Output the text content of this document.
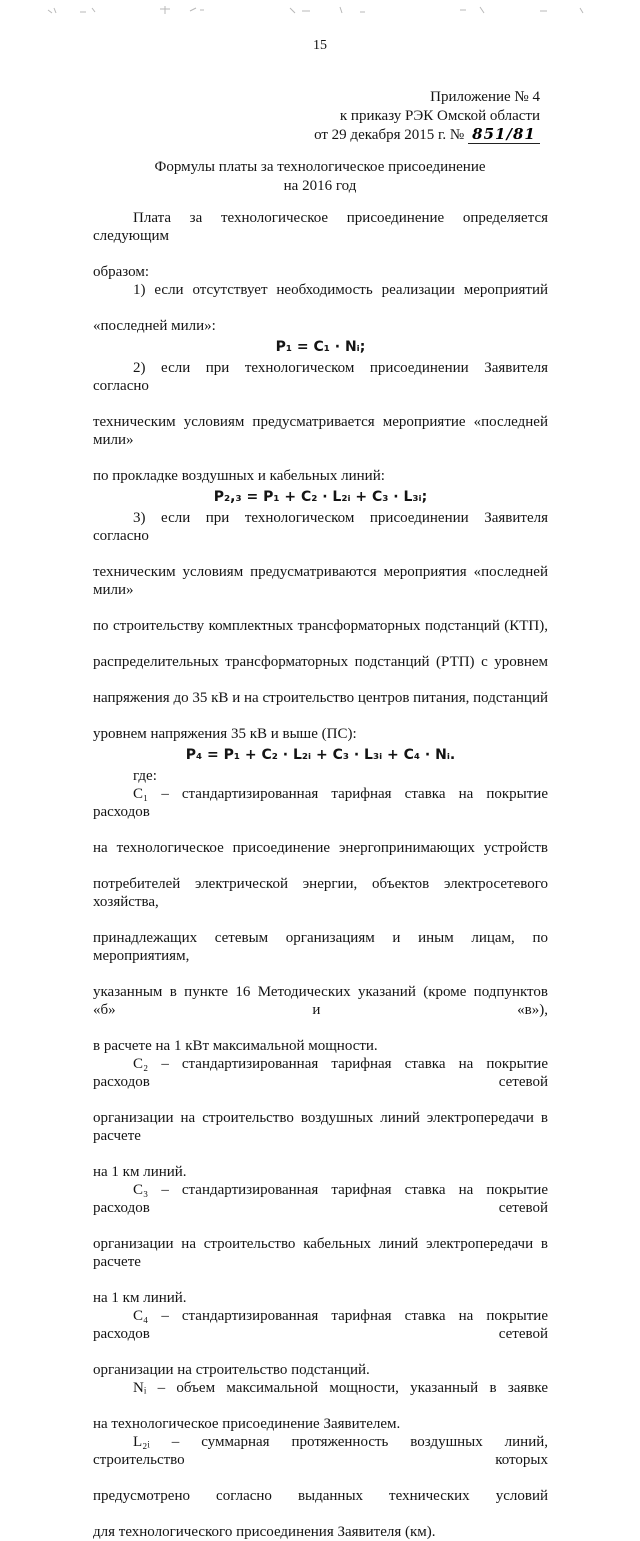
15
Приложение № 4
к приказу РЭК Омской области
от 29 декабря 2015 г. № 851/81
Формулы платы за технологическое присоединение
на 2016 год
Плата за технологическое присоединение определяется следующим
образом:
1) если отсутствует необходимость реализации мероприятий
«последней мили»:
P₁ = C₁ · Nᵢ;
2) если при технологическом присоединении Заявителя согласно
техническим условиям предусматривается мероприятие «последней мили»
по прокладке воздушных и кабельных линий:
P₂,₃ = P₁ + C₂ · L₂ᵢ + C₃ · L₃ᵢ;
3) если при технологическом присоединении Заявителя согласно
техническим условиям предусматриваются мероприятия «последней мили»
по строительству комплектных трансформаторных подстанций (КТП),
распределительных трансформаторных подстанций (РТП) с уровнем
напряжения до 35 кВ и на строительство центров питания, подстанций
уровнем напряжения 35 кВ и выше (ПС):
P₄ = P₁ + C₂ · L₂ᵢ + C₃ · L₃ᵢ + C₄ · Nᵢ.
где:
C₁ – стандартизированная тарифная ставка на покрытие расходов
на технологическое присоединение энергопринимающих устройств
потребителей электрической энергии, объектов электросетевого хозяйства,
принадлежащих сетевым организациям и иным лицам, по мероприятиям,
указанным в пункте 16 Методических указаний (кроме подпунктов «б» и «в»),
в расчете на 1 кВт максимальной мощности.
C₂ – стандартизированная тарифная ставка на покрытие расходов сетевой
организации на строительство воздушных линий электропередачи в расчете
на 1 км линий.
C₃ – стандартизированная тарифная ставка на покрытие расходов сетевой
организации на строительство кабельных линий электропередачи в расчете
на 1 км линий.
C₄ – стандартизированная тарифная ставка на покрытие расходов сетевой
организации на строительство подстанций.
Nᵢ – объем максимальной мощности, указанный в заявке
на технологическое присоединение Заявителем.
L₂ᵢ – суммарная протяженность воздушных линий, строительство которых
предусмотрено согласно выданных технических условий
для технологического присоединения Заявителя (км).
